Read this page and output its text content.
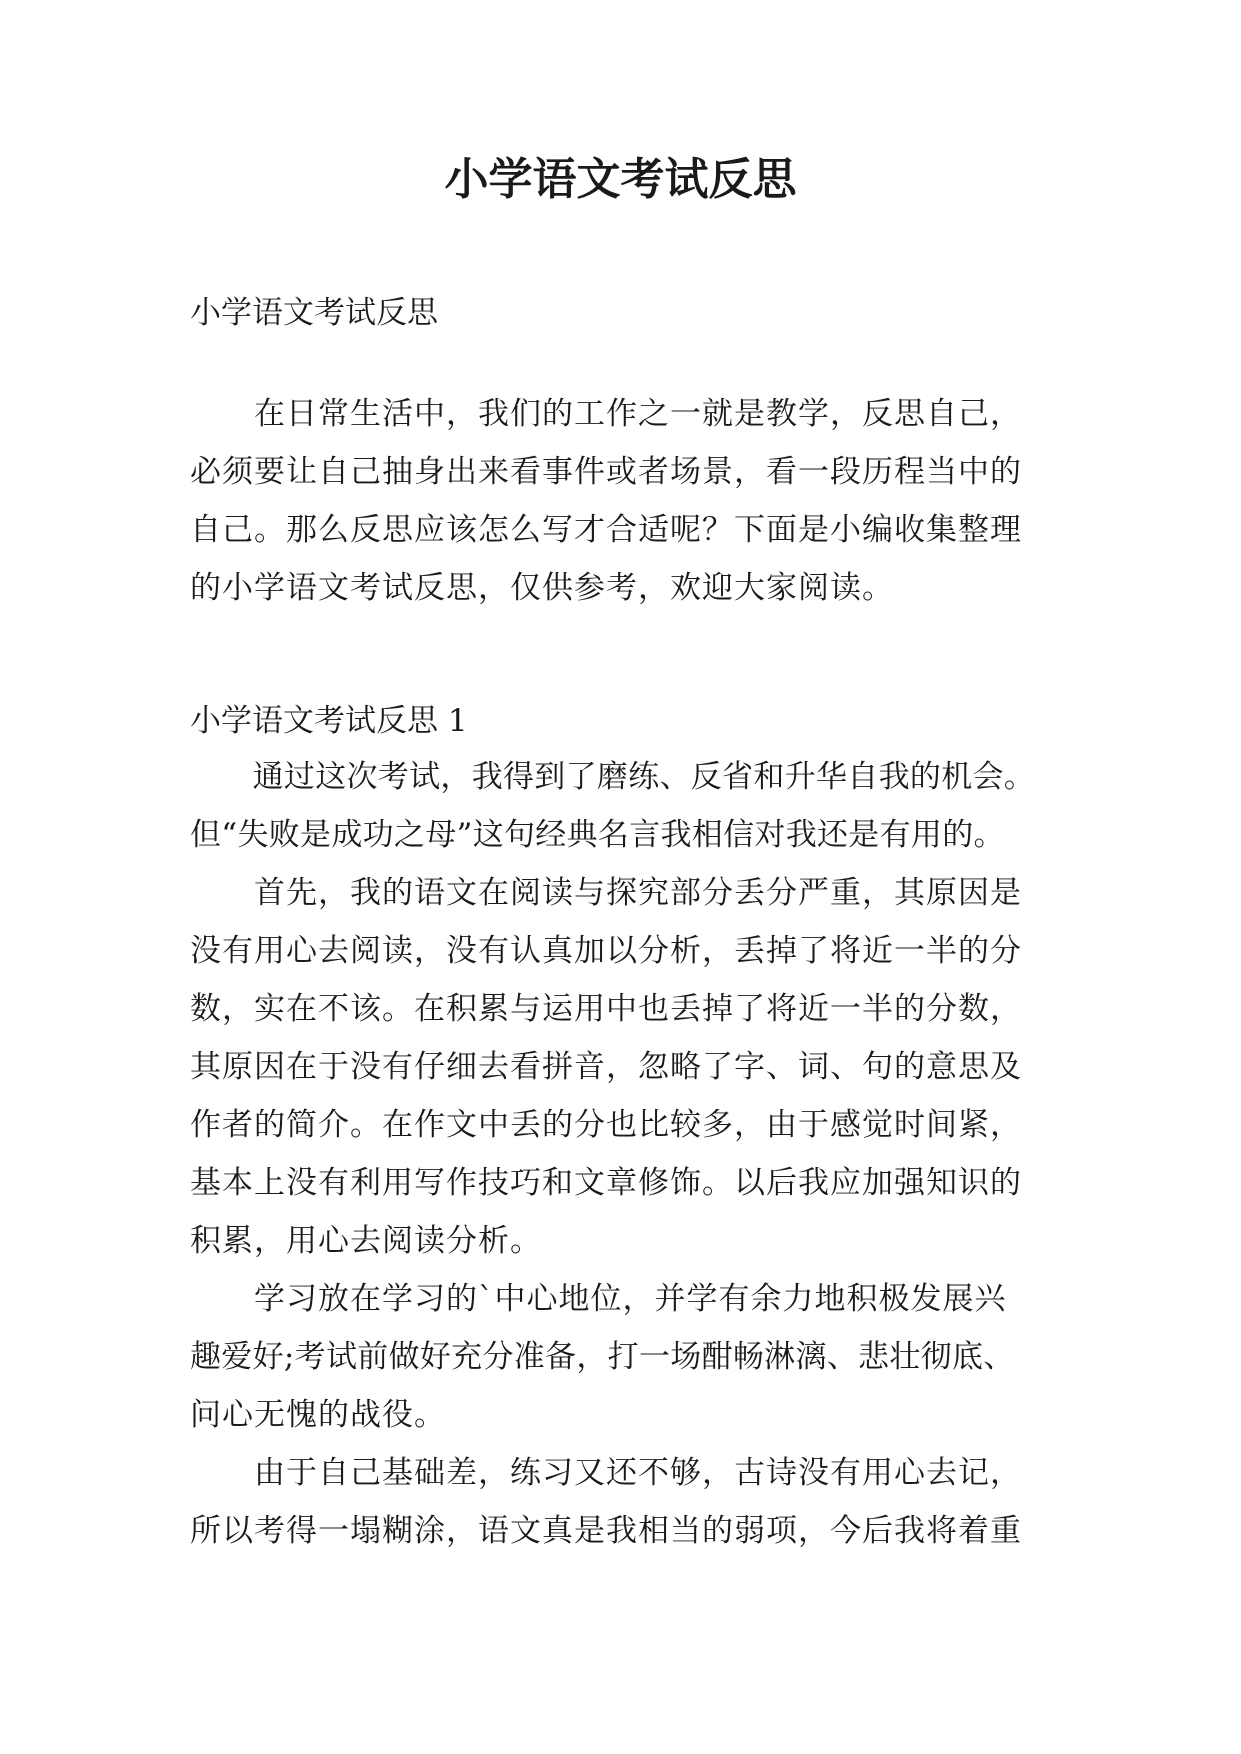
小学语文考试反思

小学语文考试反思

　　在日常生活中，我们的工作之一就是教学，反思自己，
必须要让自己抽身出来看事件或者场景，看一段历程当中的
自己。那么反思应该怎么写才合适呢？下面是小编收集整理
的小学语文考试反思，仅供参考，欢迎大家阅读。

小学语文考试反思 1

　　通过这次考试，我得到了磨练、反省和升华自我的机会。
但“失败是成功之母”这句经典名言我相信对我还是有用的。
　　首先，我的语文在阅读与探究部分丢分严重，其原因是
没有用心去阅读，没有认真加以分析，丢掉了将近一半的分
数，实在不该。在积累与运用中也丢掉了将近一半的分数，
其原因在于没有仔细去看拼音，忽略了字、词、句的意思及
作者的简介。在作文中丢的分也比较多，由于感觉时间紧，
基本上没有利用写作技巧和文章修饰。以后我应加强知识的
积累，用心去阅读分析。
　　学习放在学习的`中心地位，并学有余力地积极发展兴
趣爱好;考试前做好充分准备，打一场酣畅淋漓、悲壮彻底、
问心无愧的战役。
　　由于自己基础差，练习又还不够，古诗没有用心去记，
所以考得一塌糊涂，语文真是我相当的弱项，今后我将着重
